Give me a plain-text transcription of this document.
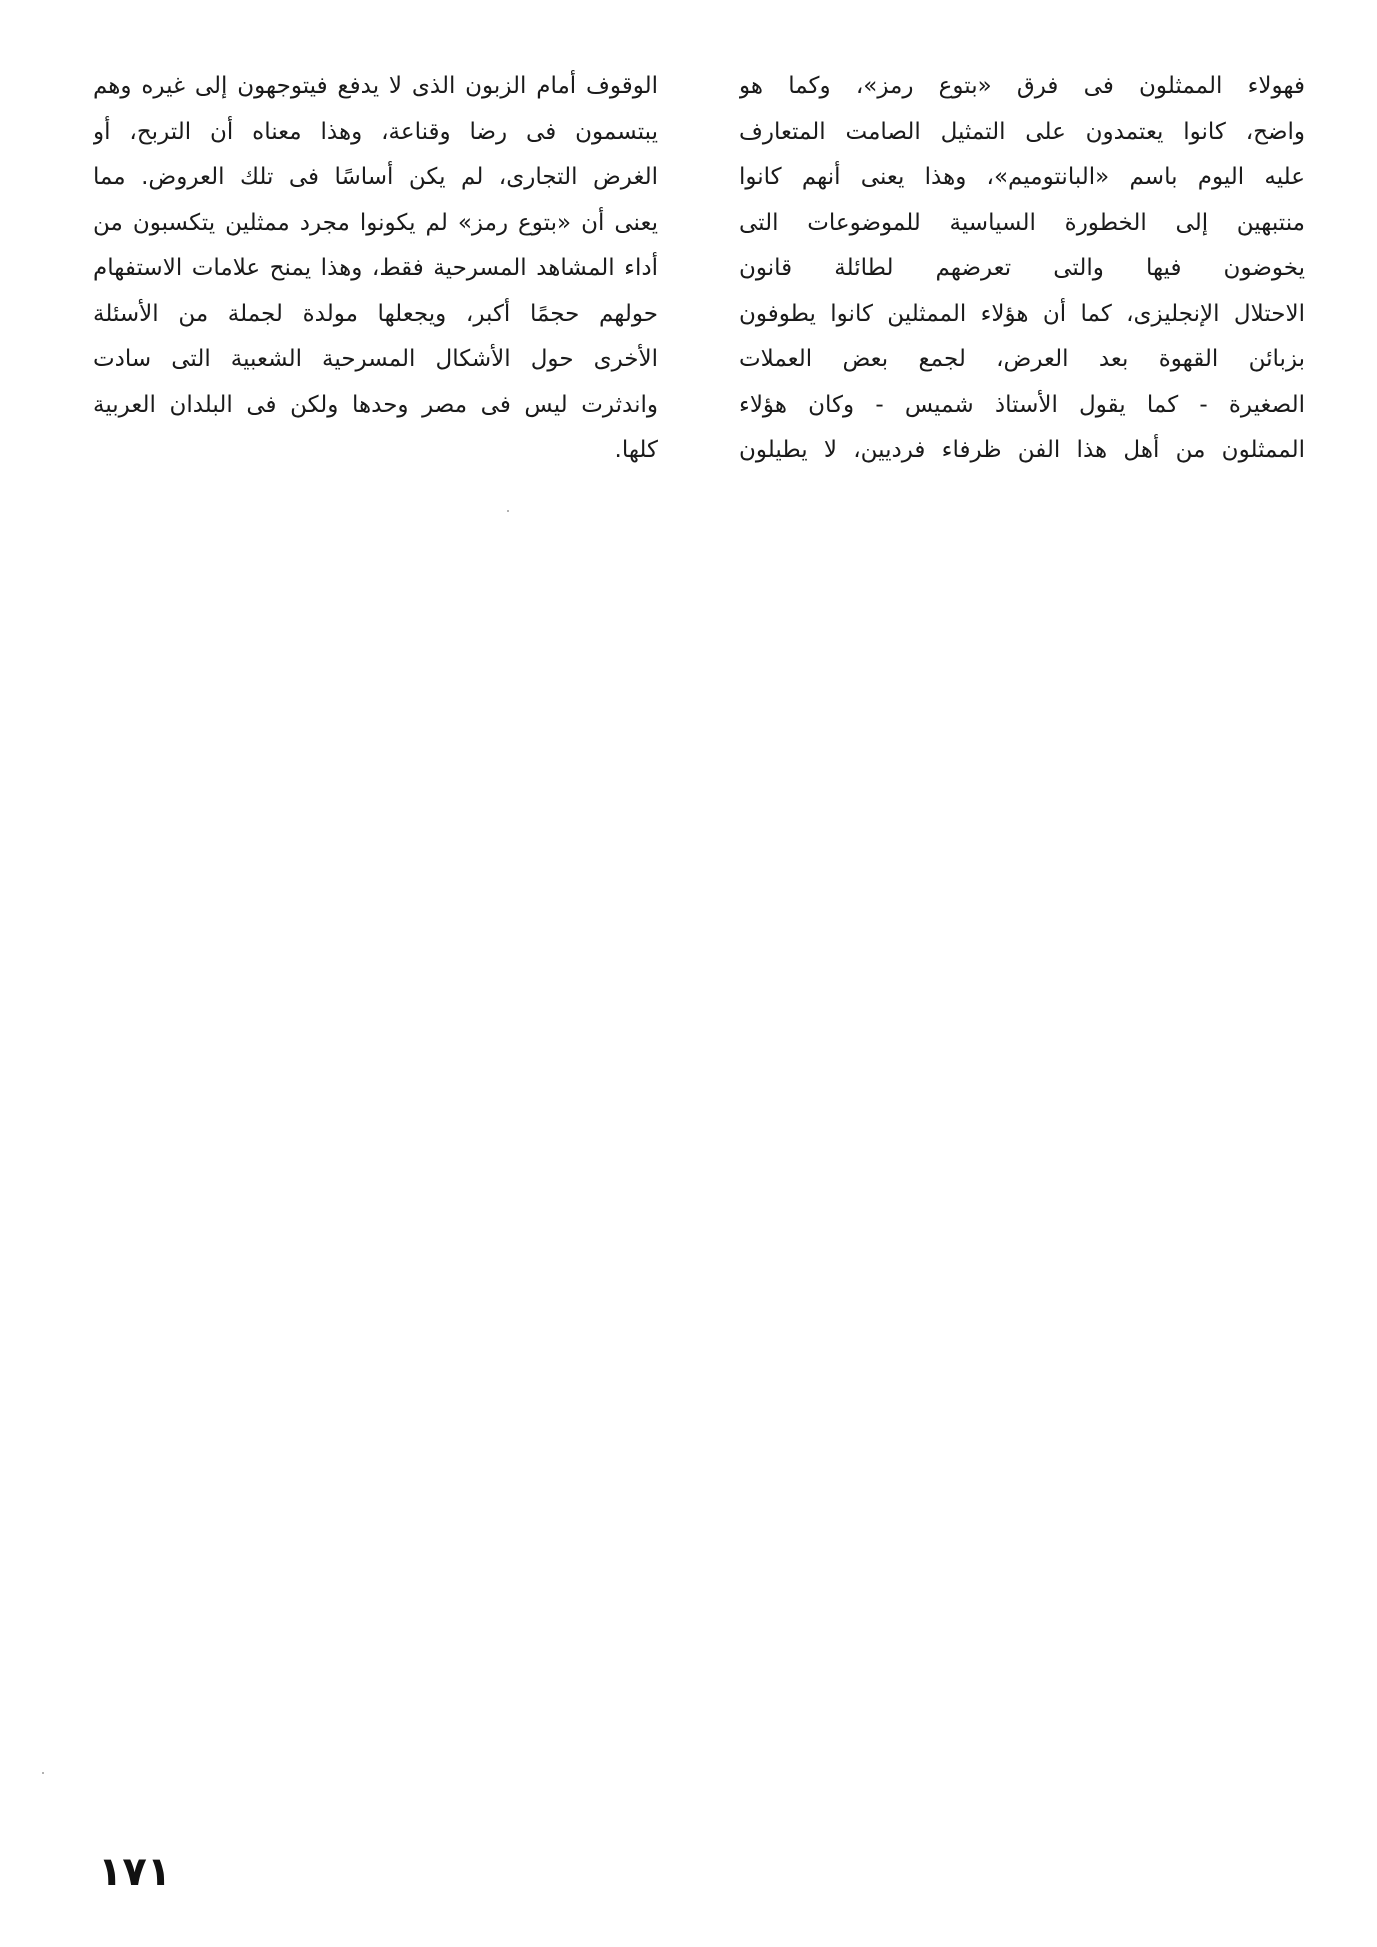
فهولاء الممثلون فى فرق «بتوع رمز»، وكما هو
واضح، كانوا يعتمدون على التمثيل الصامت المتعارف
عليه اليوم باسم «البانتوميم»، وهذا يعنى أنهم كانوا
منتبهين إلى الخطورة السياسية للموضوعات التى
يخوضون فيها والتى تعرضهم لطائلة قانون
الاحتلال الإنجليزى، كما أن هؤلاء الممثلين كانوا يطوفون
بزبائن القهوة بعد العرض، لجمع بعض العملات
الصغيرة - كما يقول الأستاذ شميس - وكان هؤلاء
الممثلون من أهل هذا الفن ظرفاء فرديين، لا يطيلون
الوقوف أمام الزبون الذى لا يدفع فيتوجهون إلى غيره وهم
يبتسمون فى رضا وقناعة، وهذا معناه أن التربح، أو
الغرض التجارى، لم يكن أساسًا فى تلك العروض. مما
يعنى أن «بتوع رمز» لم يكونوا مجرد ممثلين يتكسبون من
أداء المشاهد المسرحية فقط، وهذا يمنح علامات الاستفهام
حولهم حجمًا أكبر، ويجعلها مولدة لجملة من الأسئلة
الأخرى حول الأشكال المسرحية الشعبية التى سادت
واندثرت ليس فى مصر وحدها ولكن فى البلدان العربية
كلها.
١٧١
